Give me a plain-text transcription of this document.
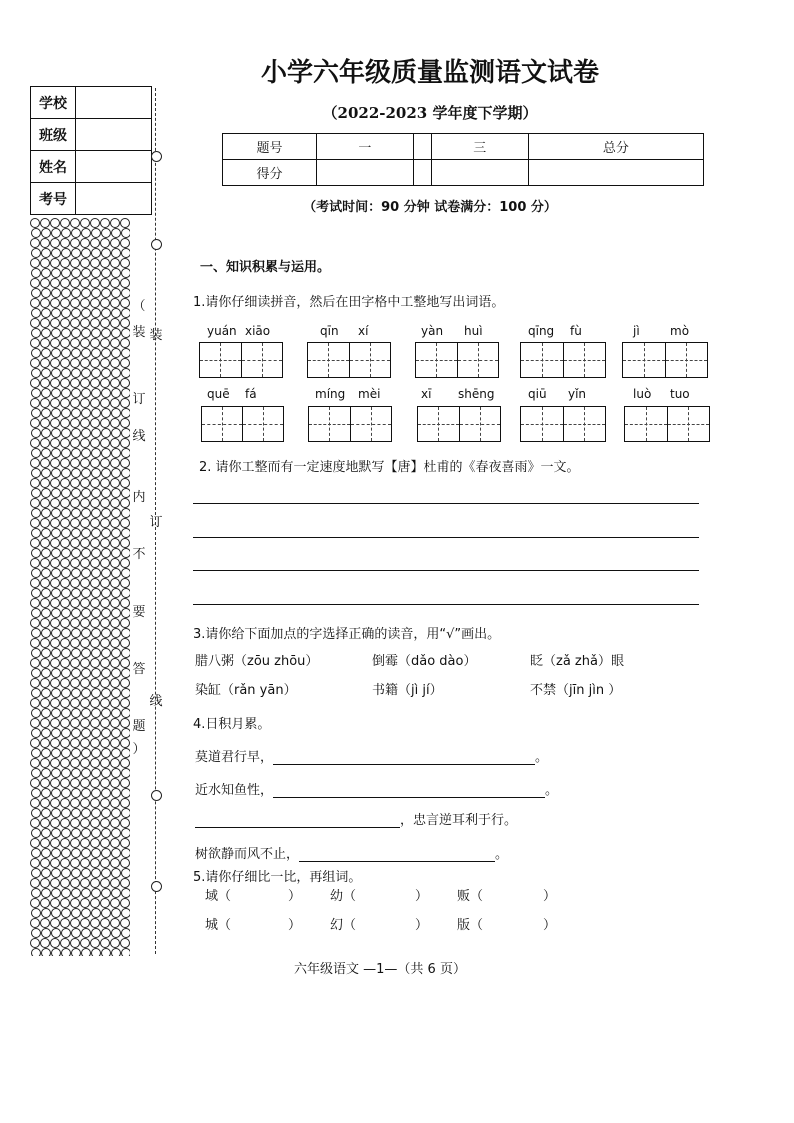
学校
班级
姓名
考号
（
装
订
线
内
不
要
答
题
）
装
订
线
小学六年级质量监测语文试卷
（2022-2023 学年度下学期）
题号	一		三	总分
得分				
（考试时间：90 分钟 试卷满分：100 分）
一、知识积累与运用。
1.请你仔细读拼音，然后在田字格中工整地写出词语。
yuán xiāo	qīn xí	yàn huì	qīng fù	jì	mò
quē fá	míng mèi	xī shēng	qiū yǐn	luò tuo
2. 请你工整而有一定速度地默写【唐】杜甫的《春夜喜雨》一文。
3.请你给下面加点的字选择正确的读音，用“√”画出。
腊八粥（zōu zhōu）	倒霉（dǎo dào）	眨（zǎ zhǎ）眼
染缸（rǎn yān）	书籍（jì jí）	不禁（jīn jìn ）
4.日积月累。
莫道君行早，	。
近水知鱼性，	。
，忠言逆耳利于行。
树欲静而风不止，	。
5.请你仔细比一比，再组词。
域（	） 幼（	） 贩（	）
城（	） 幻（	） 版（	）
六年级语文 —1—（共 6 页）
